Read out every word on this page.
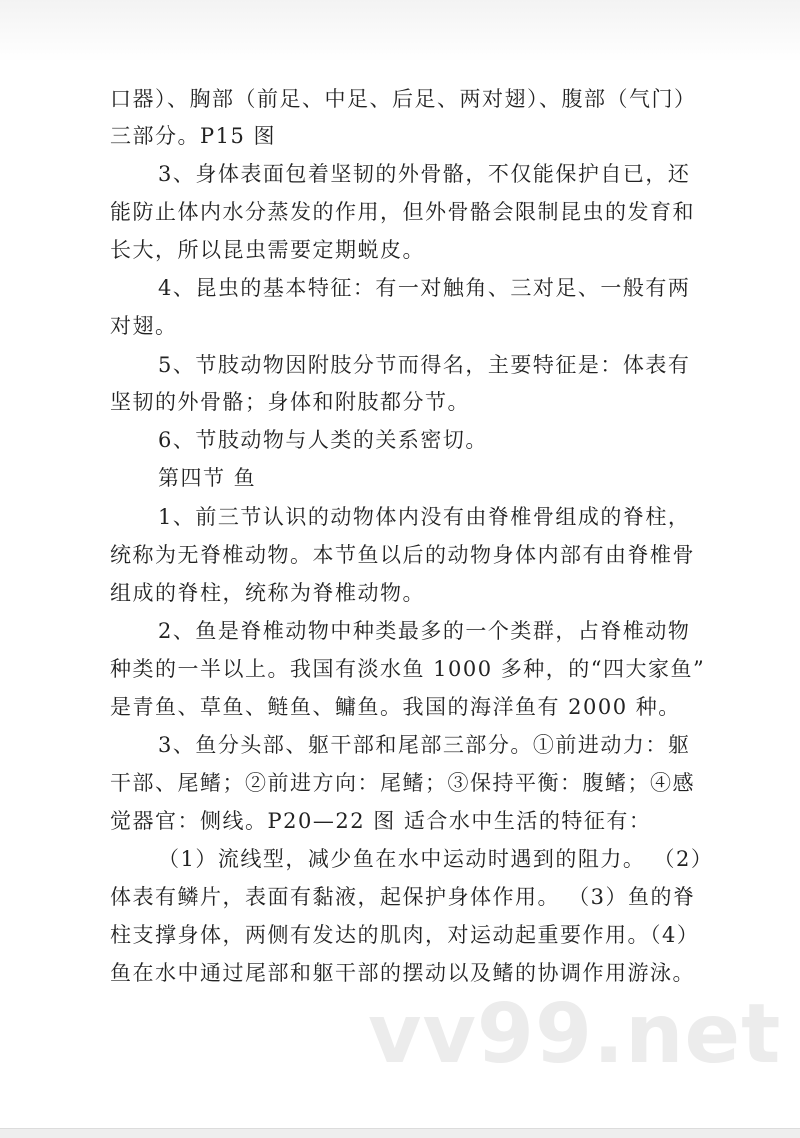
口器）、胸部（前足、中足、后足、两对翅）、腹部（气门）
三部分。P15 图
3、身体表面包着坚韧的外骨骼，不仅能保护自已，还
能防止体内水分蒸发的作用，但外骨骼会限制昆虫的发育和
长大，所以昆虫需要定期蜕皮。
4、昆虫的基本特征：有一对触角、三对足、一般有两
对翅。
5、节肢动物因附肢分节而得名，主要特征是：体表有
坚韧的外骨骼；身体和附肢都分节。
6、节肢动物与人类的关系密切。
第四节 鱼
1、前三节认识的动物体内没有由脊椎骨组成的脊柱，
统称为无脊椎动物。本节鱼以后的动物身体内部有由脊椎骨
组成的脊柱，统称为脊椎动物。
2、鱼是脊椎动物中种类最多的一个类群，占脊椎动物
种类的一半以上。我国有淡水鱼 1000 多种，的“四大家鱼”
是青鱼、草鱼、鲢鱼、鳙鱼。我国的海洋鱼有 2000 种。
3、鱼分头部、躯干部和尾部三部分。①前进动力：躯
干部、尾鳍；②前进方向：尾鳍；③保持平衡：腹鳍；④感
觉器官：侧线。P20—22 图 适合水中生活的特征有：
（1）流线型，减少鱼在水中运动时遇到的阻力。 （2）
体表有鳞片，表面有黏液，起保护身体作用。 （3）鱼的脊
柱支撑身体，两侧有发达的肌肉，对运动起重要作用。（4）
鱼在水中通过尾部和躯干部的摆动以及鳍的协调作用游泳。
vv99.net
